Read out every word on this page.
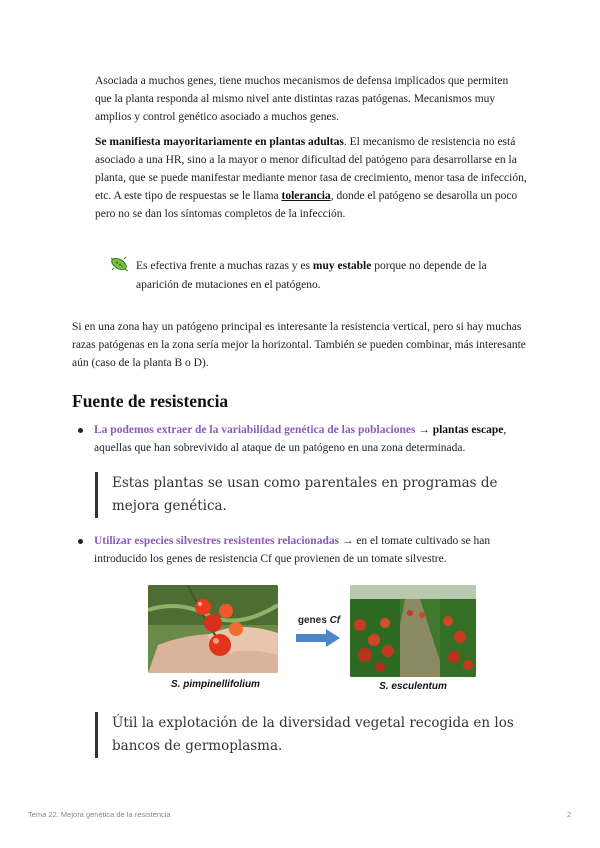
Asociada a muchos genes, tiene muchos mecanismos de defensa implicados que permiten que la planta responda al mismo nivel ante distintas razas patógenas. Mecanismos muy amplios y control genético asociado a muchos genes.

Se manifiesta mayoritariamente en plantas adultas. El mecanismo de resistencia no está asociado a una HR, sino a la mayor o menor dificultad del patógeno para desarrollarse en la planta, que se puede manifestar mediante menor tasa de crecimiento, menor tasa de infección, etc. A este tipo de respuestas se le llama tolerancia, donde el patógeno se desarolla un poco pero no se dan los síntomas completos de la infección.

Es efectiva frente a muchas razas y es muy estable porque no depende de la aparición de mutaciones en el patógeno.

Si en una zona hay un patógeno principal es interesante la resistencia vertical, pero si hay muchas razas patógenas en la zona sería mejor la horizontal. También se pueden combinar, más interesante aún (caso de la planta B o D).

Fuente de resistencia

La podemos extraer de la variabilidad genética de las poblaciones → plantas escape, aquellas que han sobrevivido al ataque de un patógeno en una zona determinada.

Estas plantas se usan como parentales en programas de mejora genética.

Utilizar especies silvestres resistentes relacionadas → en el tomate cultivado se han introducido los genes de resistencia Cf que provienen de un tomate silvestre.

genes Cf
S. pimpinellifolium	S. esculentum
Útil la explotación de la diversidad vegetal recogida en los bancos de germoplasma.
Tema 22. Mejora genética de la resistencia	2
